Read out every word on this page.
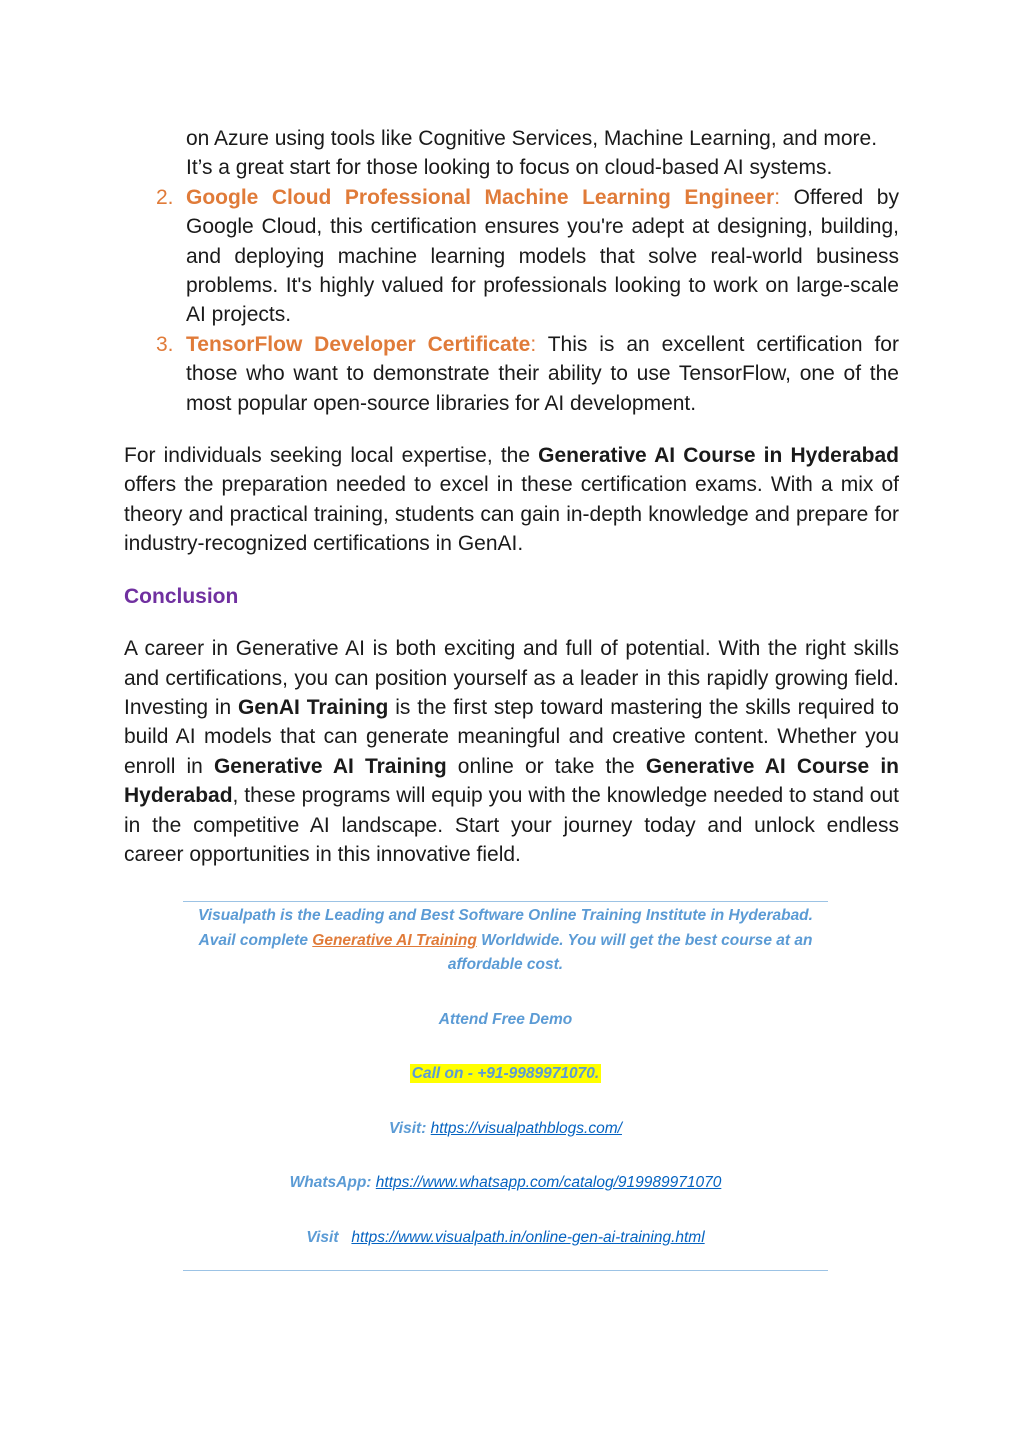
on Azure using tools like Cognitive Services, Machine Learning, and more.

It’s a great start for those looking to focus on cloud-based AI systems.

2. Google Cloud Professional Machine Learning Engineer: Offered by Google Cloud, this certification ensures you're adept at designing, building, and deploying machine learning models that solve real-world business problems. It's highly valued for professionals looking to work on large-scale AI projects.
3. TensorFlow Developer Certificate: This is an excellent certification for those who want to demonstrate their ability to use TensorFlow, one of the most popular open-source libraries for AI development.

For individuals seeking local expertise, the Generative AI Course in Hyderabad offers the preparation needed to excel in these certification exams. With a mix of theory and practical training, students can gain in-depth knowledge and prepare for industry-recognized certifications in GenAI.

Conclusion

A career in Generative AI is both exciting and full of potential. With the right skills and certifications, you can position yourself as a leader in this rapidly growing field. Investing in GenAI Training is the first step toward mastering the skills required to build AI models that can generate meaningful and creative content. Whether you enroll in Generative AI Training online or take the Generative AI Course in Hyderabad, these programs will equip you with the knowledge needed to stand out in the competitive AI landscape. Start your journey today and unlock endless career opportunities in this innovative field.

Visualpath is the Leading and Best Software Online Training Institute in Hyderabad. Avail complete Generative AI Training Worldwide. You will get the best course at an affordable cost.

Attend Free Demo

Call on - +91-9989971070.

Visit: https://visualpathblogs.com/

WhatsApp: https://www.whatsapp.com/catalog/919989971070

Visit   https://www.visualpath.in/online-gen-ai-training.html
